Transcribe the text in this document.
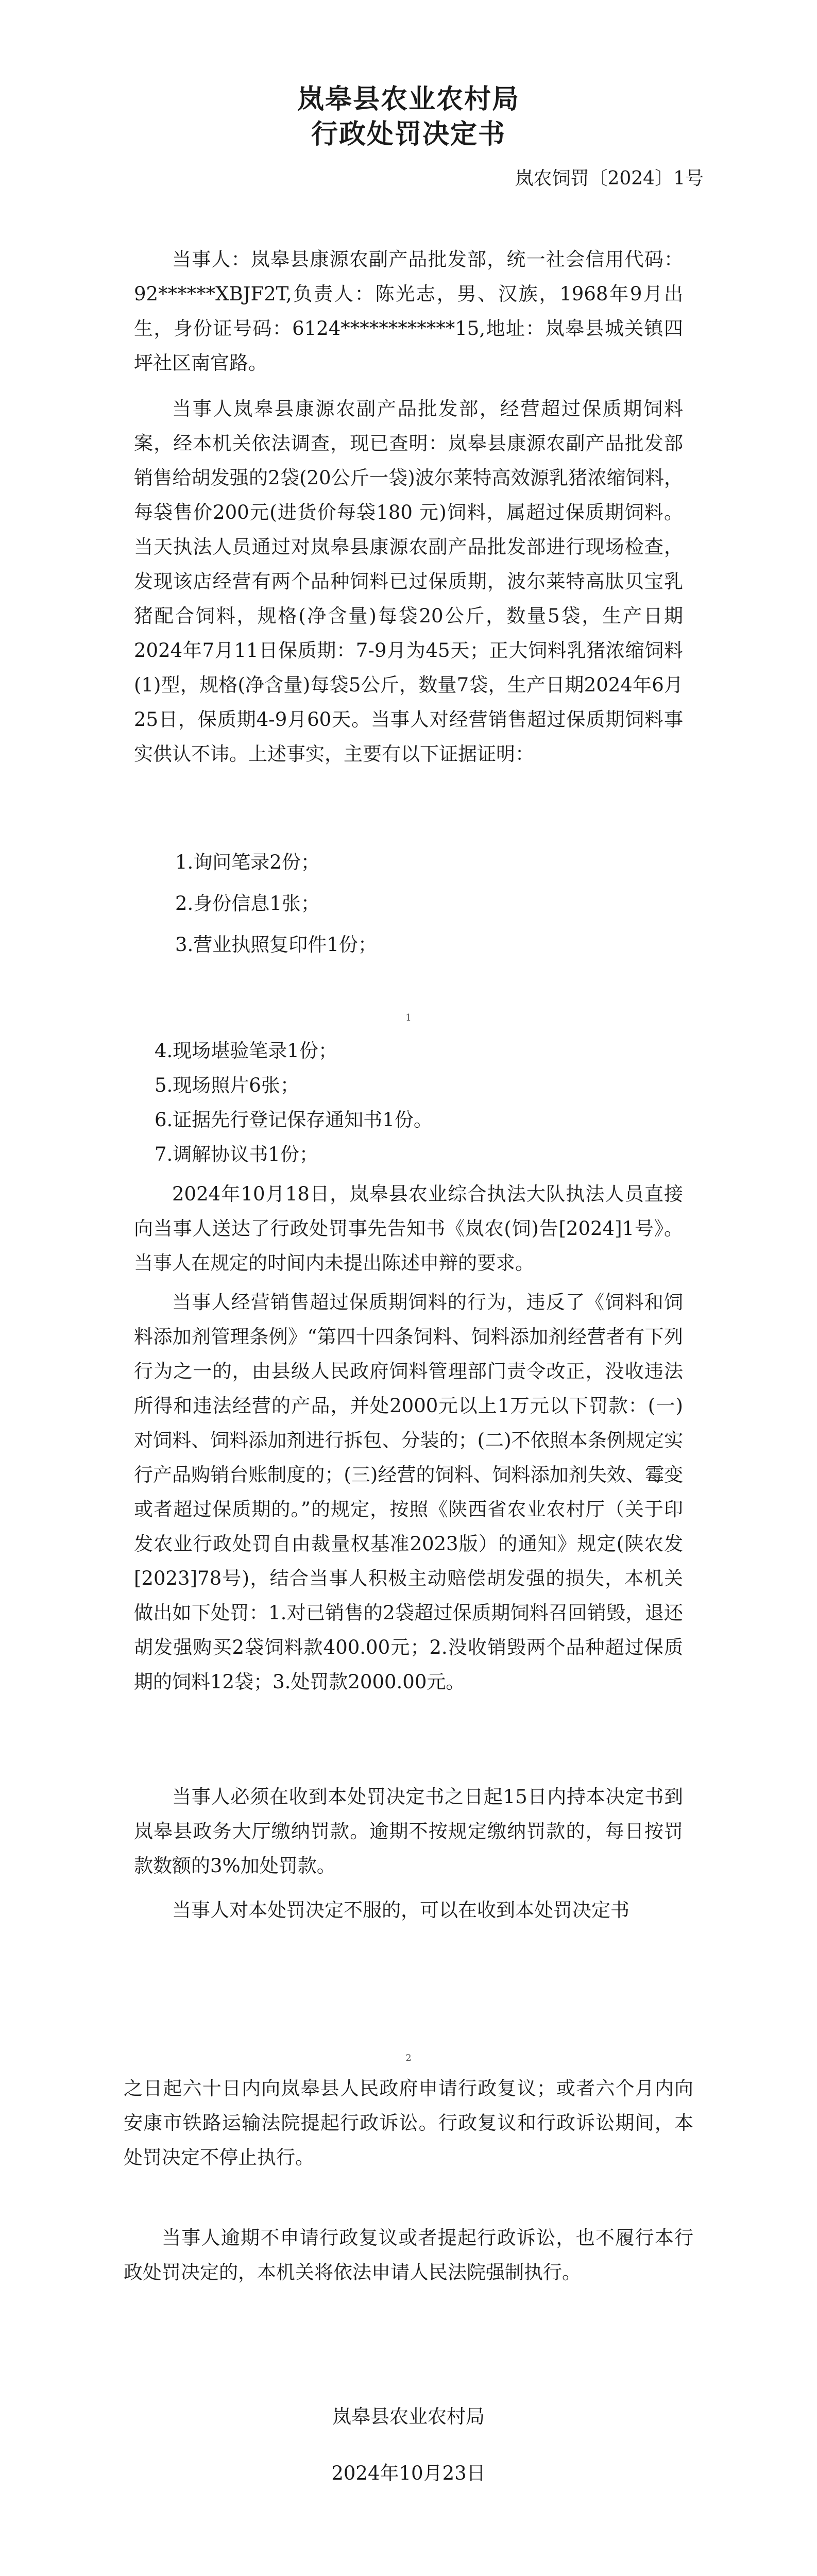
岚皋县农业农村局
行政处罚决定书
岚农饲罚〔2024〕1号

当事人：岚皋县康源农副产品批发部，统一社会信用代码：92******XBJF2T,负责人：陈光志，男、汉族，1968年9月出生，身份证号码：6124************15,地址：岚皋县城关镇四坪社区南官路。

当事人岚皋县康源农副产品批发部，经营超过保质期饲料案，经本机关依法调查，现已查明：岚皋县康源农副产品批发部销售给胡发强的2袋(20公斤一袋)波尔莱特高效源乳猪浓缩饲料，每袋售价200元(进货价每袋180 元)饲料，属超过保质期饲料。当天执法人员通过对岚皋县康源农副产品批发部进行现场检查，发现该店经营有两个品种饲料已过保质期，波尔莱特高肽贝宝乳猪配合饲料，规格(净含量)每袋20公斤，数量5袋，生产日期2024年7月11日保质期：7-9月为45天；正大饲料乳猪浓缩饲料(1)型，规格(净含量)每袋5公斤，数量7袋，生产日期2024年6月25日，保质期4-9月60天。当事人对经营销售超过保质期饲料事实供认不讳。上述事实，主要有以下证据证明：

1.询问笔录2份；
2.身份信息1张；
3.营业执照复印件1份；
1
4.现场堪验笔录1份；
5.现场照片6张；
6.证据先行登记保存通知书1份。
7.调解协议书1份；

2024年10月18日，岚皋县农业综合执法大队执法人员直接向当事人送达了行政处罚事先告知书《岚农(饲)告[2024]1号》。当事人在规定的时间内未提出陈述申辩的要求。

当事人经营销售超过保质期饲料的行为，违反了《饲料和饲料添加剂管理条例》“第四十四条饲料、饲料添加剂经营者有下列行为之一的，由县级人民政府饲料管理部门责令改正，没收违法所得和违法经营的产品，并处2000元以上1万元以下罚款：(一)对饲料、饲料添加剂进行拆包、分装的；(二)不依照本条例规定实行产品购销台账制度的；(三)经营的饲料、饲料添加剂失效、霉变或者超过保质期的。”的规定，按照《陕西省农业农村厅（关于印发农业行政处罚自由裁量权基准2023版）的通知》规定(陕农发[2023]78号)，结合当事人积极主动赔偿胡发强的损失，本机关做出如下处罚：1.对已销售的2袋超过保质期饲料召回销毁，退还胡发强购买2袋饲料款400.00元；2.没收销毁两个品种超过保质期的饲料12袋；3.处罚款2000.00元。

当事人必须在收到本处罚决定书之日起15日内持本决定书到岚皋县政务大厅缴纳罚款。逾期不按规定缴纳罚款的，每日按罚款数额的3%加处罚款。

当事人对本处罚决定不服的，可以在收到本处罚决定书

2

之日起六十日内向岚皋县人民政府申请行政复议；或者六个月内向安康市铁路运输法院提起行政诉讼。行政复议和行政诉讼期间，本处罚决定不停止执行。

当事人逾期不申请行政复议或者提起行政诉讼，也不履行本行政处罚决定的，本机关将依法申请人民法院强制执行。

岚皋县农业农村局
2024年10月23日
